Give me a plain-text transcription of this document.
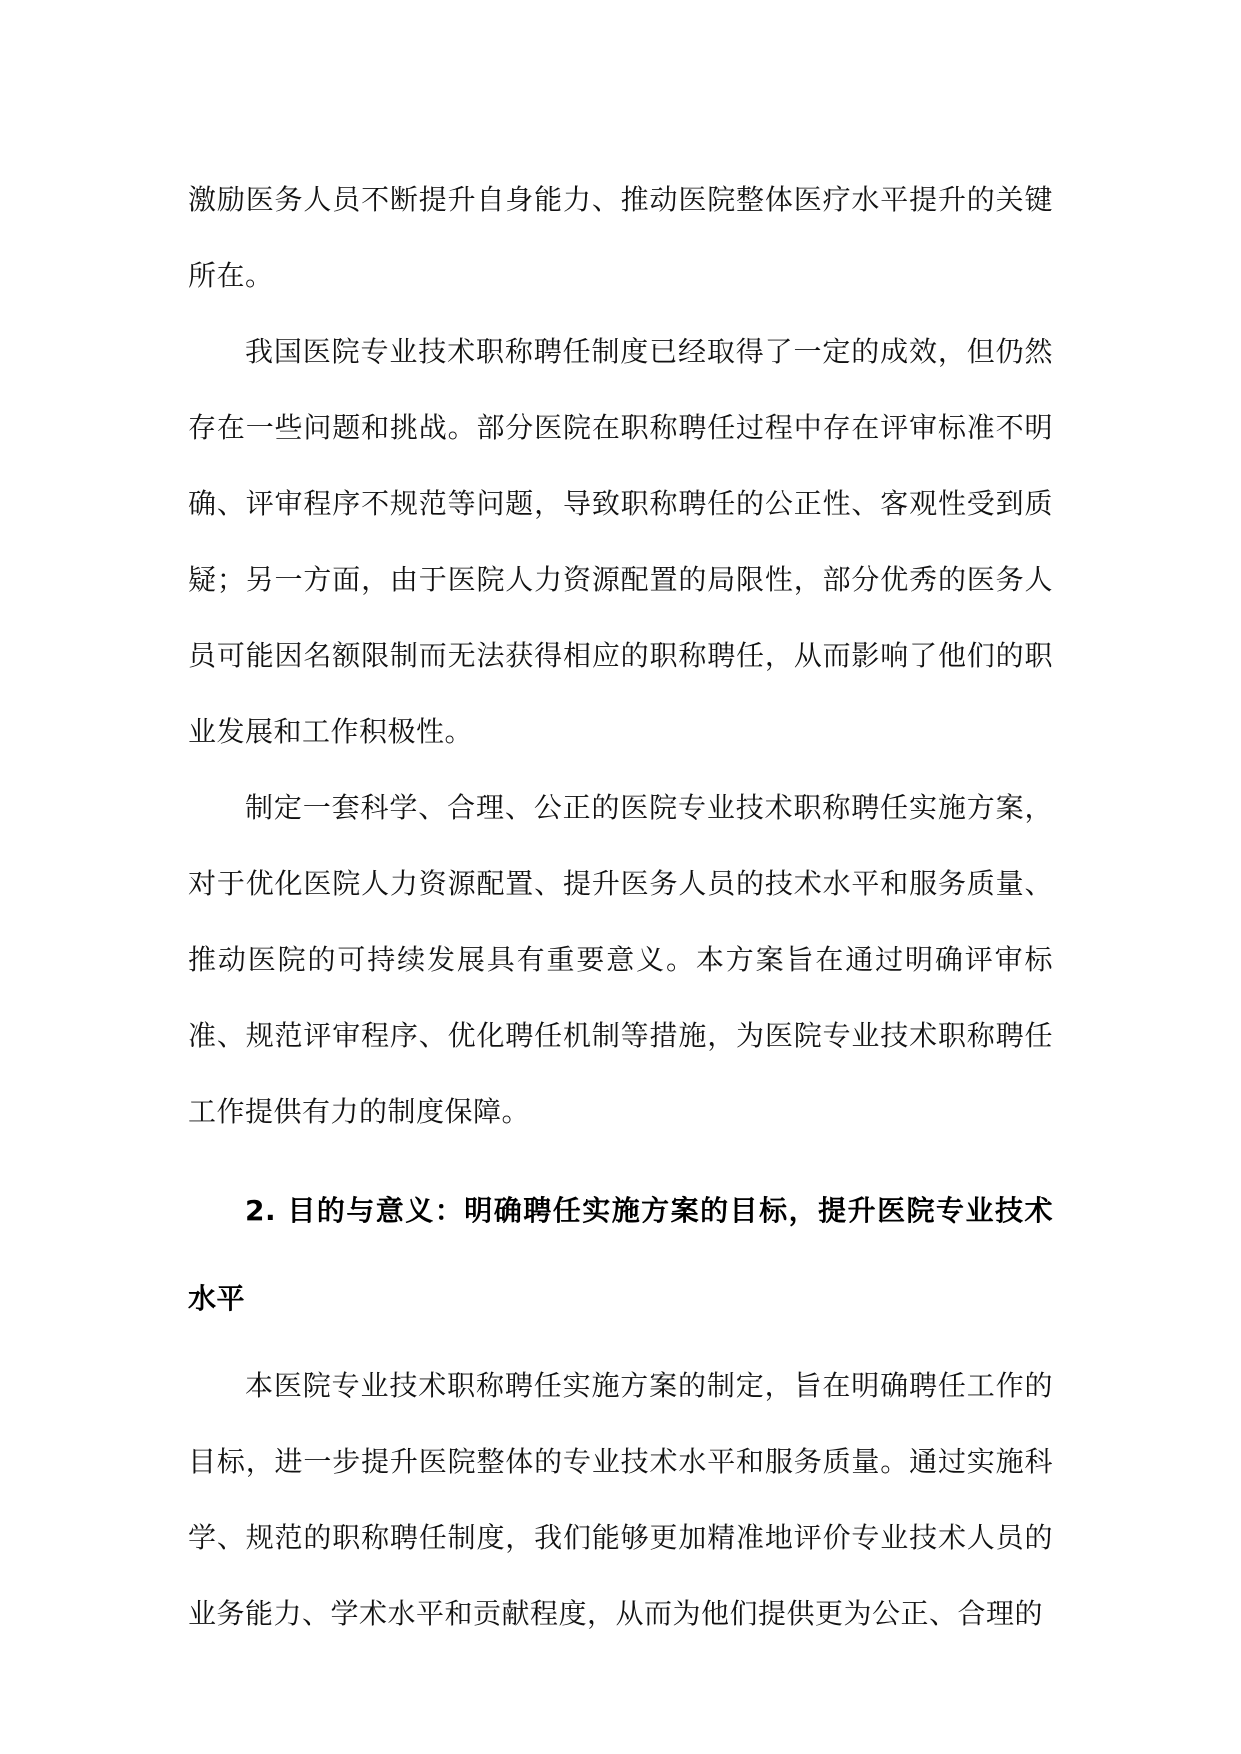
激励医务人员不断提升自身能力、推动医院整体医疗水平提升的关键所在。

我国医院专业技术职称聘任制度已经取得了一定的成效，但仍然存在一些问题和挑战。部分医院在职称聘任过程中存在评审标准不明确、评审程序不规范等问题，导致职称聘任的公正性、客观性受到质疑；另一方面，由于医院人力资源配置的局限性，部分优秀的医务人员可能因名额限制而无法获得相应的职称聘任，从而影响了他们的职业发展和工作积极性。

制定一套科学、合理、公正的医院专业技术职称聘任实施方案，对于优化医院人力资源配置、提升医务人员的技术水平和服务质量、推动医院的可持续发展具有重要意义。本方案旨在通过明确评审标准、规范评审程序、优化聘任机制等措施，为医院专业技术职称聘任工作提供有力的制度保障。

2. 目的与意义：明确聘任实施方案的目标，提升医院专业技术水平

本医院专业技术职称聘任实施方案的制定，旨在明确聘任工作的目标，进一步提升医院整体的专业技术水平和服务质量。通过实施科学、规范的职称聘任制度，我们能够更加精准地评价专业技术人员的业务能力、学术水平和贡献程度，从而为他们提供更为公正、合理的
